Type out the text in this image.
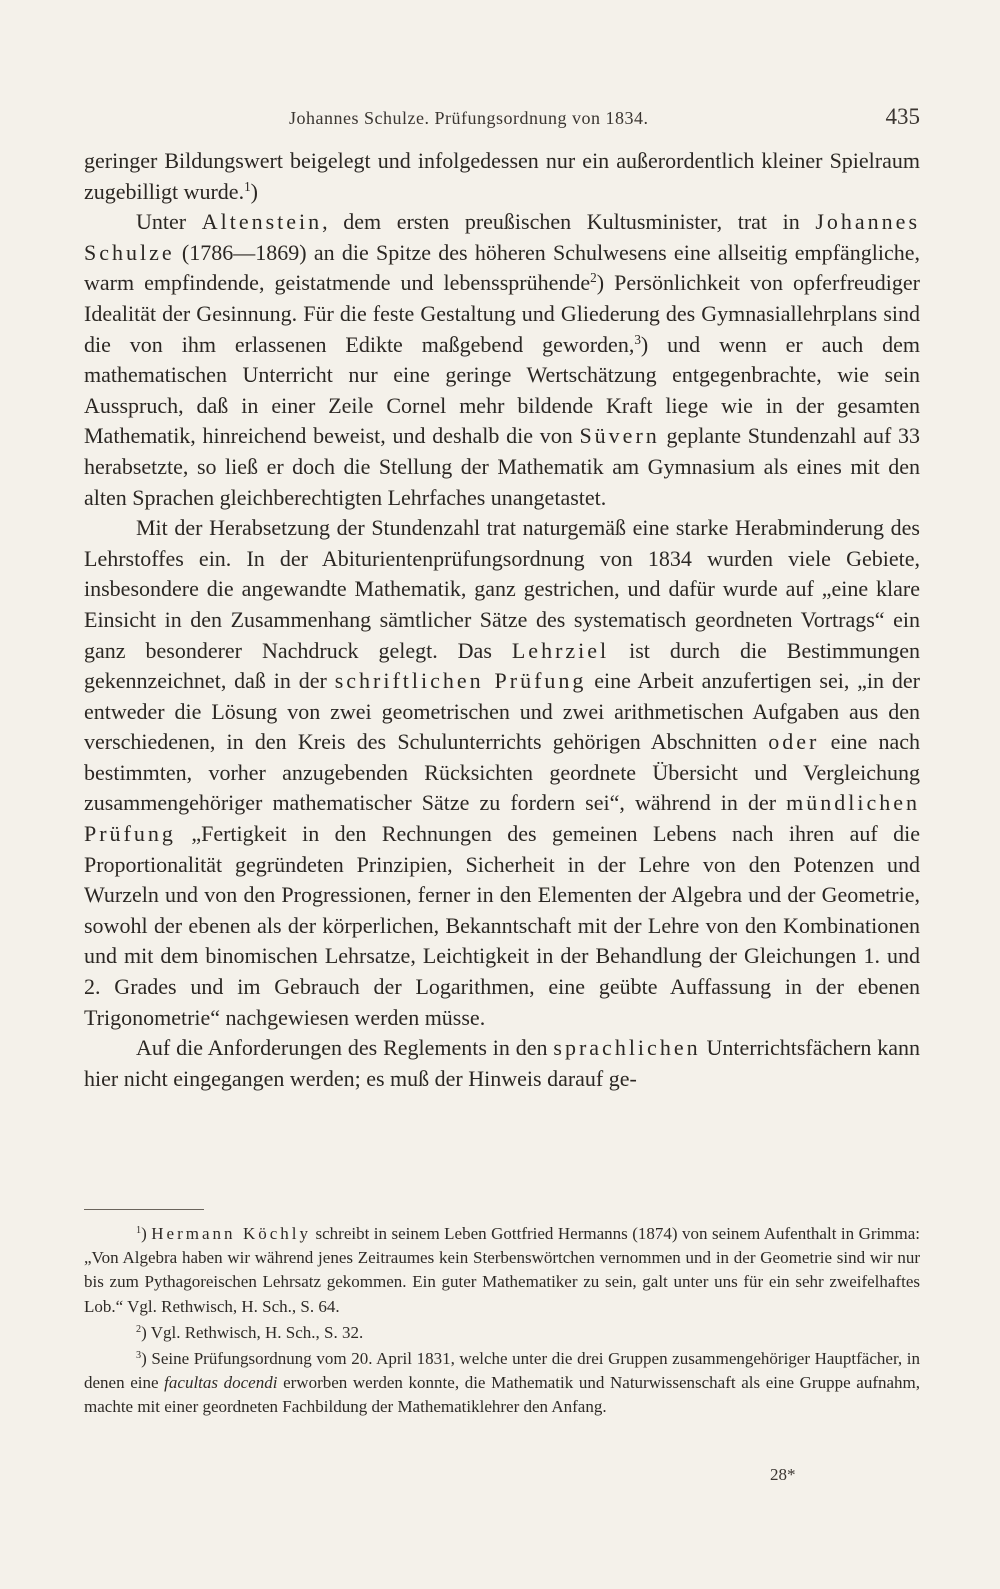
Johannes Schulze. Prüfungsordnung von 1834.	435

geringer Bildungswert beigelegt und infolgedessen nur ein außerordentlich kleiner Spielraum zugebilligt wurde.$^1$)

Unter Altenstein, dem ersten preußischen Kultusminister, trat in Johannes Schulze (1786—1869) an die Spitze des höheren Schulwesens eine allseitig empfängliche, warm empfindende, geistatmende und lebenssprühende$^2$) Persönlichkeit von opferfreudiger Idealität der Gesinnung. Für die feste Gestaltung und Gliederung des Gymnasiallehrplans sind die von ihm erlassenen Edikte maßgebend geworden,$^3$) und wenn er auch dem mathematischen Unterricht nur eine geringe Wertschätzung entgegenbrachte, wie sein Ausspruch, daß in einer Zeile Cornel mehr bildende Kraft liege wie in der gesamten Mathematik, hinreichend beweist, und deshalb die von Süvern geplante Stundenzahl auf 33 herabsetzte, so ließ er doch die Stellung der Mathematik am Gymnasium als eines mit den alten Sprachen gleichberechtigten Lehrfaches unangetastet.

Mit der Herabsetzung der Stundenzahl trat naturgemäß eine starke Herabminderung des Lehrstoffes ein. In der Abiturientenprüfungsordnung von 1834 wurden viele Gebiete, insbesondere die angewandte Mathematik, ganz gestrichen, und dafür wurde auf „eine klare Einsicht in den Zusammenhang sämtlicher Sätze des systematisch geordneten Vortrags“ ein ganz besonderer Nachdruck gelegt. Das Lehrziel ist durch die Bestimmungen gekennzeichnet, daß in der schriftlichen Prüfung eine Arbeit anzufertigen sei, „in der entweder die Lösung von zwei geometrischen und zwei arithmetischen Aufgaben aus den verschiedenen, in den Kreis des Schulunterrichts gehörigen Abschnitten oder eine nach bestimmten, vorher anzugebenden Rücksichten geordnete Übersicht und Vergleichung zusammengehöriger mathematischer Sätze zu fordern sei“, während in der mündlichen Prüfung „Fertigkeit in den Rechnungen des gemeinen Lebens nach ihren auf die Proportionalität gegründeten Prinzipien, Sicherheit in der Lehre von den Potenzen und Wurzeln und von den Progressionen, ferner in den Elementen der Algebra und der Geometrie, sowohl der ebenen als der körperlichen, Bekanntschaft mit der Lehre von den Kombinationen und mit dem binomischen Lehrsatze, Leichtigkeit in der Behandlung der Gleichungen 1. und 2. Grades und im Gebrauch der Logarithmen, eine geübte Auffassung in der ebenen Trigonometrie“ nachgewiesen werden müsse.

Auf die Anforderungen des Reglements in den sprachlichen Unterrichtsfächern kann hier nicht eingegangen werden; es muß der Hinweis darauf ge-

$^1$) Hermann Köchly schreibt in seinem Leben Gottfried Hermanns (1874) von seinem Aufenthalt in Grimma: „Von Algebra haben wir während jenes Zeitraumes kein Sterbenswörtchen vernommen und in der Geometrie sind wir nur bis zum Pythagoreischen Lehrsatz gekommen. Ein guter Mathematiker zu sein, galt unter uns für ein sehr zweifelhaftes Lob.“ Vgl. Rethwisch, H. Sch., S. 64.

$^2$) Vgl. Rethwisch, H. Sch., S. 32.

$^3$) Seine Prüfungsordnung vom 20. April 1831, welche unter die drei Gruppen zusammengehöriger Hauptfächer, in denen eine facultas docendi erworben werden konnte, die Mathematik und Naturwissenschaft als eine Gruppe aufnahm, machte mit einer geordneten Fachbildung der Mathematiklehrer den Anfang.

28*
